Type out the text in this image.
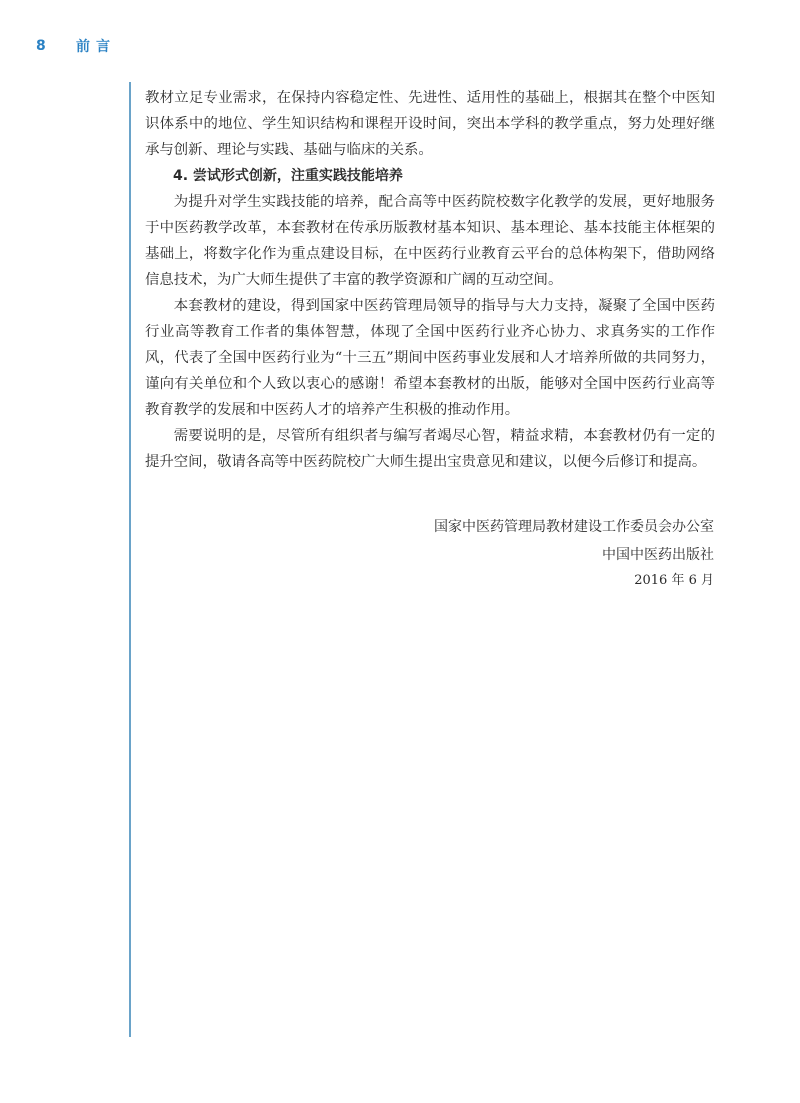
8	前言

教材立足专业需求，在保持内容稳定性、先进性、适用性的基础上，根据其在整个中医知识体系中的地位、学生知识结构和课程开设时间，突出本学科的教学重点，努力处理好继承与创新、理论与实践、基础与临床的关系。

4. 尝试形式创新，注重实践技能培养

为提升对学生实践技能的培养，配合高等中医药院校数字化教学的发展，更好地服务于中医药教学改革，本套教材在传承历版教材基本知识、基本理论、基本技能主体框架的基础上，将数字化作为重点建设目标，在中医药行业教育云平台的总体构架下，借助网络信息技术，为广大师生提供了丰富的教学资源和广阔的互动空间。

本套教材的建设，得到国家中医药管理局领导的指导与大力支持，凝聚了全国中医药行业高等教育工作者的集体智慧，体现了全国中医药行业齐心协力、求真务实的工作作风，代表了全国中医药行业为“十三五”期间中医药事业发展和人才培养所做的共同努力，谨向有关单位和个人致以衷心的感谢！希望本套教材的出版，能够对全国中医药行业高等教育教学的发展和中医药人才的培养产生积极的推动作用。

需要说明的是，尽管所有组织者与编写者竭尽心智，精益求精，本套教材仍有一定的提升空间，敬请各高等中医药院校广大师生提出宝贵意见和建议，以便今后修订和提高。

国家中医药管理局教材建设工作委员会办公室
中国中医药出版社
2016 年 6 月
